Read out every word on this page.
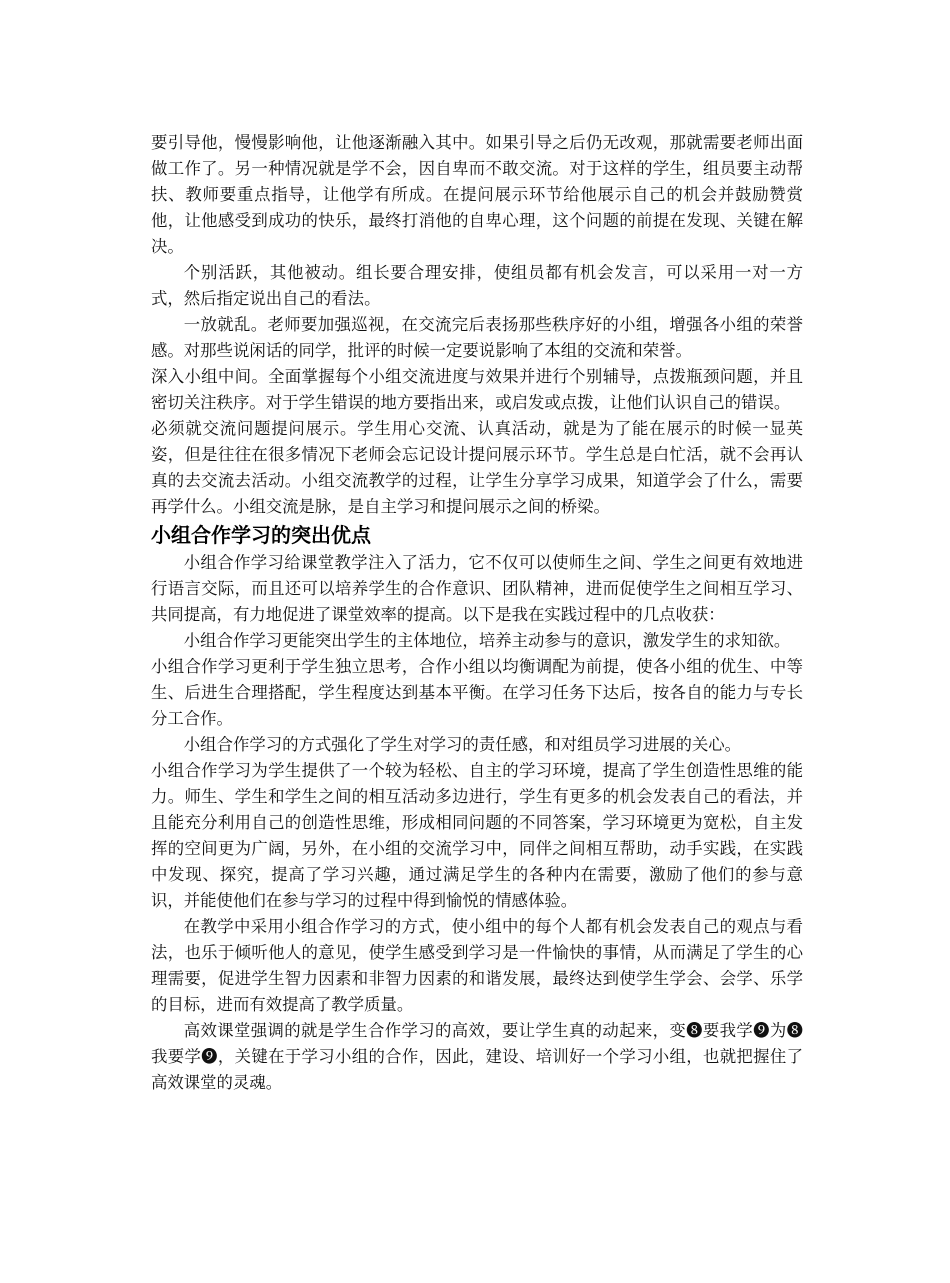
要引导他，慢慢影响他，让他逐渐融入其中。如果引导之后仍无改观，那就需要老师出面做工作了。另一种情况就是学不会，因自卑而不敢交流。对于这样的学生，组员要主动帮扶、教师要重点指导，让他学有所成。在提问展示环节给他展示自己的机会并鼓励赞赏他，让他感受到成功的快乐，最终打消他的自卑心理，这个问题的前提在发现、关键在解决。

个别活跃，其他被动。组长要合理安排，使组员都有机会发言，可以采用一对一方式，然后指定说出自己的看法。

一放就乱。老师要加强巡视，在交流完后表扬那些秩序好的小组，增强各小组的荣誉感。对那些说闲话的同学，批评的时候一定要说影响了本组的交流和荣誉。

深入小组中间。全面掌握每个小组交流进度与效果并进行个别辅导，点拨瓶颈问题，并且密切关注秩序。对于学生错误的地方要指出来，或启发或点拨，让他们认识自己的错误。

必须就交流问题提问展示。学生用心交流、认真活动，就是为了能在展示的时候一显英姿，但是往往在很多情况下老师会忘记设计提问展示环节。学生总是白忙活，就不会再认真的去交流去活动。小组交流教学的过程，让学生分享学习成果，知道学会了什么，需要再学什么。小组交流是脉，是自主学习和提问展示之间的桥梁。

小组合作学习的突出优点

小组合作学习给课堂教学注入了活力，它不仅可以使师生之间、学生之间更有效地进行语言交际，而且还可以培养学生的合作意识、团队精神，进而促使学生之间相互学习、共同提高，有力地促进了课堂效率的提高。以下是我在实践过程中的几点收获：

小组合作学习更能突出学生的主体地位，培养主动参与的意识，激发学生的求知欲。

小组合作学习更利于学生独立思考，合作小组以均衡调配为前提，使各小组的优生、中等生、后进生合理搭配，学生程度达到基本平衡。在学习任务下达后，按各自的能力与专长分工合作。

小组合作学习的方式强化了学生对学习的责任感，和对组员学习进展的关心。

小组合作学习为学生提供了一个较为轻松、自主的学习环境，提高了学生创造性思维的能力。师生、学生和学生之间的相互活动多边进行，学生有更多的机会发表自己的看法，并且能充分利用自己的创造性思维，形成相同问题的不同答案，学习环境更为宽松，自主发挥的空间更为广阔，另外，在小组的交流学习中，同伴之间相互帮助，动手实践，在实践中发现、探究，提高了学习兴趣，通过满足学生的各种内在需要，激励了他们的参与意识，并能使他们在参与学习的过程中得到愉悦的情感体验。

在教学中采用小组合作学习的方式，使小组中的每个人都有机会发表自己的观点与看法，也乐于倾听他人的意见，使学生感受到学习是一件愉快的事情，从而满足了学生的心理需要，促进学生智力因素和非智力因素的和谐发展，最终达到使学生学会、会学、乐学的目标，进而有效提高了教学质量。

高效课堂强调的就是学生合作学习的高效，要让学生真的动起来，变❽要我学❾为❽我要学❾，关键在于学习小组的合作，因此，建设、培训好一个学习小组，也就把握住了高效课堂的灵魂。
